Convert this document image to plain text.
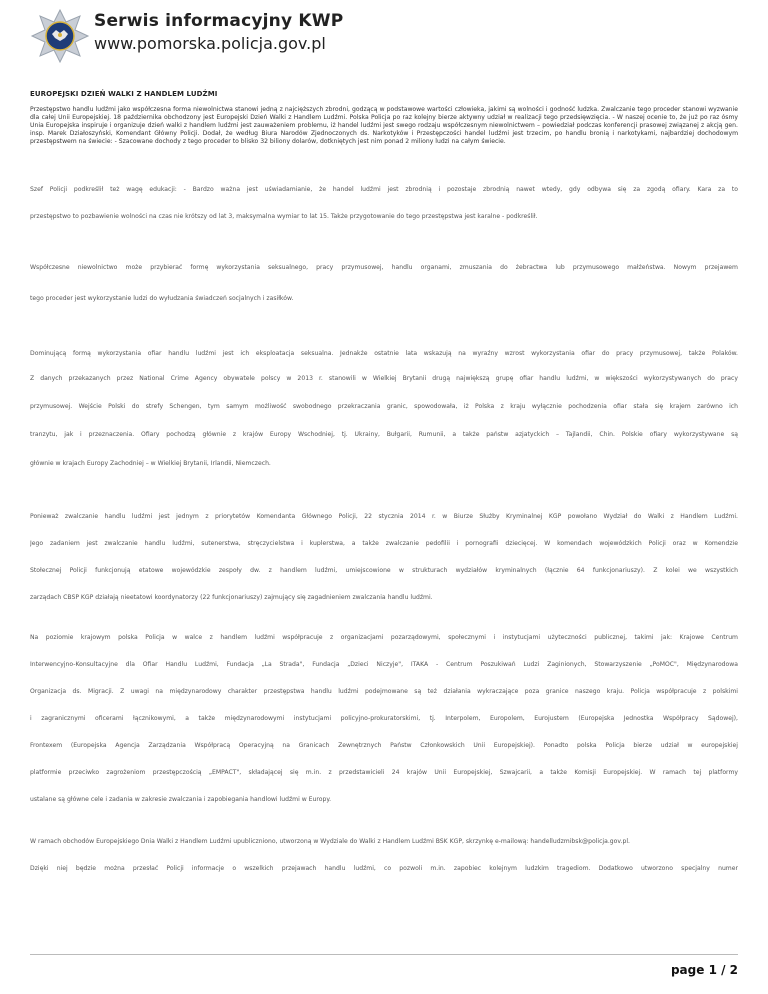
Serwis informacyjny KWP
www.pomorska.policja.gov.pl
EUROPEJSKI DZIEŃ WALKI Z HANDLEM LUDŹMI

Przestępstwo handlu ludźmi jako współczesna forma niewolnictwa stanowi jedną z najcięższych zbrodni, godzącą w podstawowe wartości człowieka, jakimi są wolności i godność ludzka. Zwalczanie tego proceder stanowi wyzwanie dla całej Unii Europejskiej. 18 października obchodzony jest Europejski Dzień Walki z Handlem Ludźmi. Polska Policja po raz kolejny bierze aktywny udział w realizacji tego przedsięwzięcia. - W naszej ocenie to, że już po raz ósmy Unia Europejska inspiruje i organizuje dzień walki z handlem ludźmi jest zauważeniem problemu, iż handel ludźmi jest swego rodzaju współczesnym niewolnictwem – powiedział podczas konferencji prasowej związanej z akcją gen. insp. Marek Działoszyński, Komendant Główny Policji. Dodał, że według Biura Narodów Zjednoczonych ds. Narkotyków i Przestępczości handel ludźmi jest trzecim, po handlu bronią i narkotykami, najbardziej dochodowym przestępstwem na świecie: - Szacowane dochody z tego proceder to blisko 32 biliony dolarów, dotkniętych jest nim ponad 2 miliony ludzi na całym świecie.

Szef Policji podkreślił też wagę edukacji: - Bardzo ważna jest uświadamianie, że handel ludźmi jest zbrodnią i pozostaje zbrodnią nawet wtedy, gdy odbywa się za zgodą ofiary. Kara za to
przestępstwo to pozbawienie wolności na czas nie krótszy od lat 3, maksymalna wymiar to lat 15. Także przygotowanie do tego przestępstwa jest karalne - podkreślił.
Współczesne niewolnictwo może przybierać formę wykorzystania seksualnego, pracy przymusowej, handlu organami, zmuszania do żebractwa lub przymusowego małżeństwa. Nowym przejawem
tego proceder jest wykorzystanie ludzi do wyłudzania świadczeń socjalnych i zasiłków.
Dominującą formą wykorzystania ofiar handlu ludźmi jest ich eksploatacja seksualna. Jednakże ostatnie lata wskazują na wyraźny wzrost wykorzystania ofiar do pracy przymusowej, także Polaków.
Z danych przekazanych przez National Crime Agency obywatele polscy w 2013 r. stanowili w Wielkiej Brytanii drugą największą grupę ofiar handlu ludźmi, w większości wykorzystywanych do pracy
przymusowej. Wejście Polski do strefy Schengen, tym samym możliwość swobodnego przekraczania granic, spowodowała, iż Polska z kraju wyłącznie pochodzenia ofiar stała się krajem zarówno ich
tranzytu, jak i przeznaczenia. Ofiary pochodzą głównie z krajów Europy Wschodniej, tj. Ukrainy, Bułgarii, Rumunii, a także państw azjatyckich – Tajlandii, Chin. Polskie ofiary wykorzystywane są
głównie w krajach Europy Zachodniej – w Wielkiej Brytanii, Irlandii, Niemczech.
Ponieważ zwalczanie handlu ludźmi jest jednym z priorytetów Komendanta Głównego Policji, 22 stycznia 2014 r. w Biurze Służby Kryminalnej KGP powołano Wydział do Walki z Handlem Ludźmi.
Jego zadaniem jest zwalczanie handlu ludźmi, sutenerstwa, stręczycielstwa i kuplerstwa, a także zwalczanie pedofilii i pornografii dziecięcej. W komendach wojewódzkich Policji oraz w Komendzie
Stołecznej Policji funkcjonują etatowe wojewódzkie zespoły dw. z handlem ludźmi, umiejscowione w strukturach wydziałów kryminalnych (łącznie 64 funkcjonariuszy). Z kolei we wszystkich
zarządach CBŚP KGP działają nieetatowi koordynatorzy (22 funkcjonariuszy) zajmujący się zagadnieniem zwalczania handlu ludźmi.
Na poziomie krajowym polska Policja w walce z handlem ludźmi współpracuje z organizacjami pozarządowymi, społecznymi i instytucjami użyteczności publicznej, takimi jak: Krajowe Centrum
Interwencyjno-Konsultacyjne dla Ofiar Handlu Ludźmi, Fundacja „La Strada", Fundacja „Dzieci Niczyje", ITAKA - Centrum Poszukiwań Ludzi Zaginionych, Stowarzyszenie „PoMOC", Międzynarodowa
Organizacja ds. Migracji. Z uwagi na międzynarodowy charakter przestępstwa handlu ludźmi podejmowane są też działania wykraczające poza granice naszego kraju. Policja współpracuje z polskimi
i zagranicznymi oficerami łącznikowymi, a także międzynarodowymi instytucjami policyjno-prokuratorskimi, tj. Interpolem, Europolem, Eurojustem (Europejska Jednostka Współpracy Sądowej),
Frontexem (Europejska Agencja Zarządzania Współpracą Operacyjną na Granicach Zewnętrznych Państw Członkowskich Unii Europejskiej). Ponadto polska Policja bierze udział w europejskiej
platformie przeciwko zagrożeniom przestępczością „EMPACT", składającej się m.in. z przedstawicieli 24 krajów Unii Europejskiej, Szwajcarii, a także Komisji Europejskiej. W ramach tej platformy
ustalane są główne cele i zadania w zakresie zwalczania i zapobiegania handlowi ludźmi w Europy.
W ramach obchodów Europejskiego Dnia Walki z Handlem Ludźmi upubliczniono, utworzoną w Wydziale do Walki z Handlem Ludźmi BSK KGP, skrzynkę e-mailową: handelludzmibsk@policja.gov.pl.
Dzięki niej będzie można przesłać Policji informacje o wszelkich przejawach handlu ludźmi, co pozwoli m.in. zapobiec kolejnym ludzkim tragediom. Dodatkowo utworzono specjalny numer
page 1 / 2
